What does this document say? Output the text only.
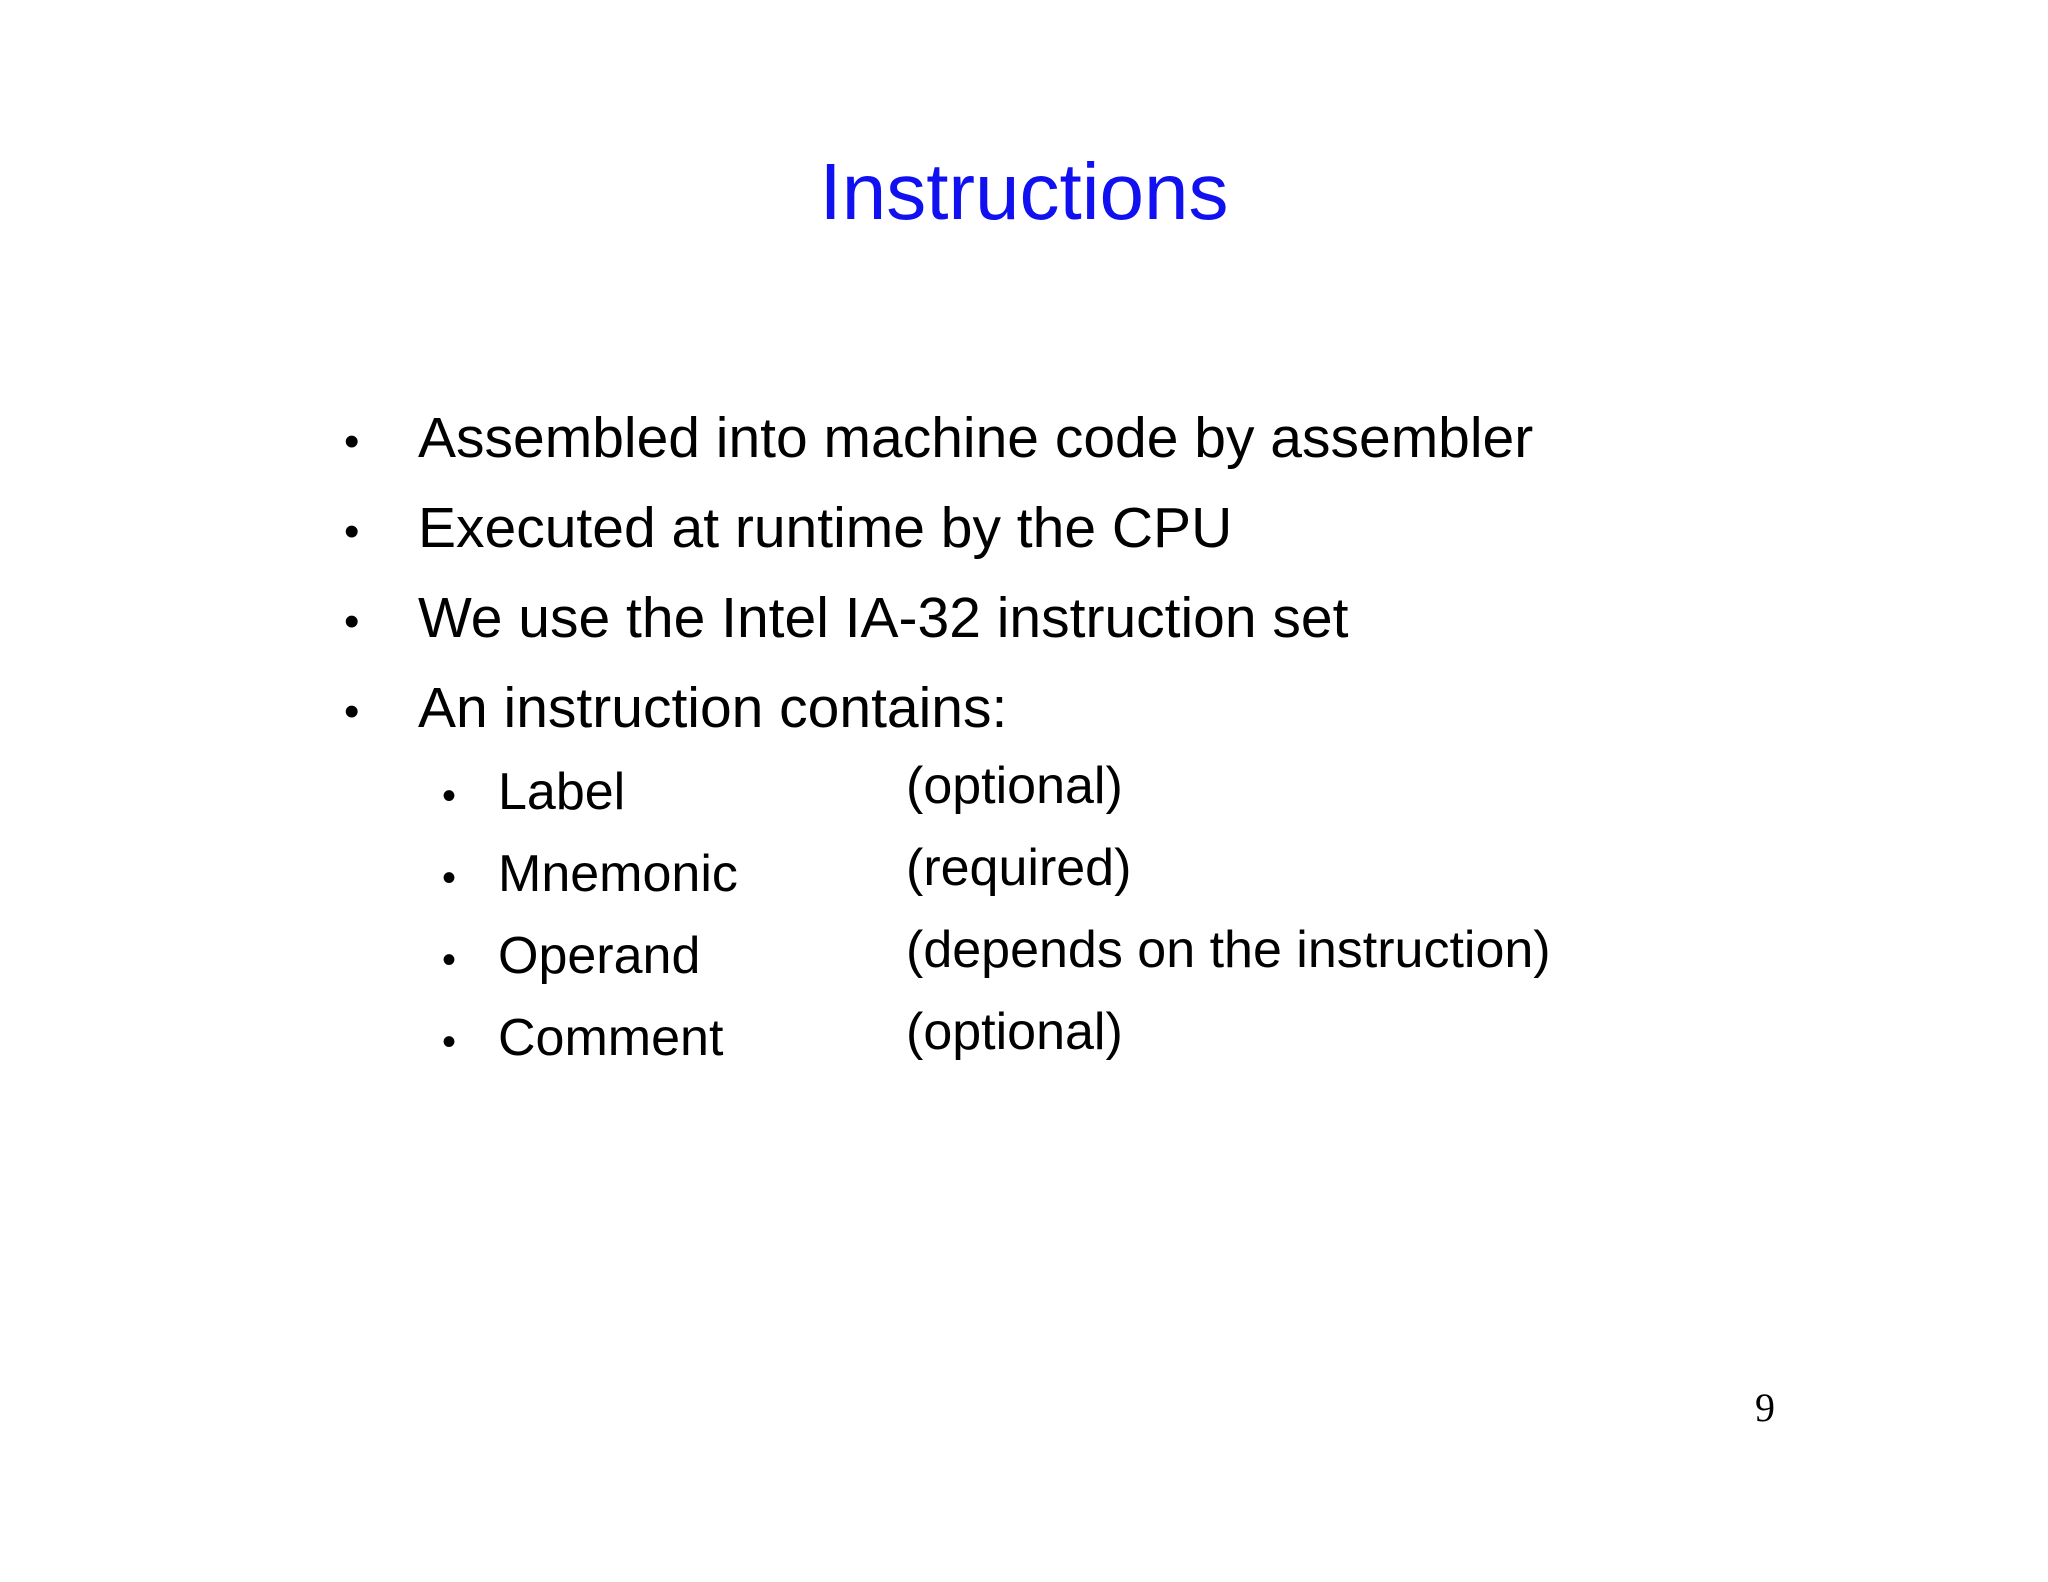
Instructions
• Assembled into machine code by assembler
• Executed at runtime by the CPU
• We use the Intel IA-32 instruction set
• An instruction contains:
• Label	(optional)
• Mnemonic	(required)
• Operand	(depends on the instruction)
• Comment	(optional)
9
